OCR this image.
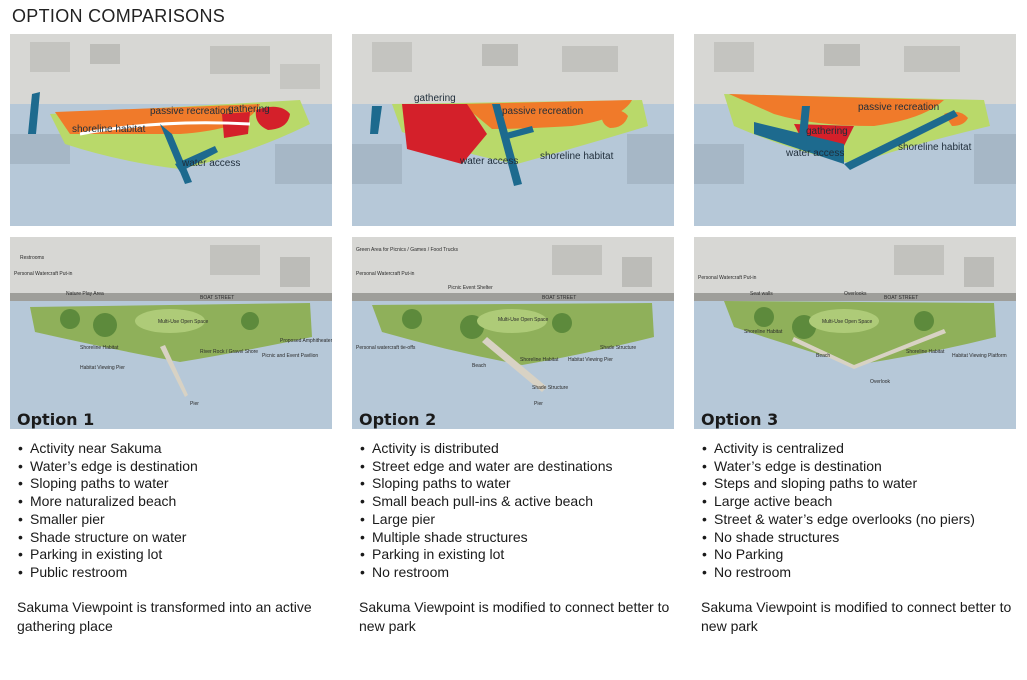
OPTION COMPARISONS
passive recreation
gathering
shoreline habitat
water access
Restrooms
Personal Watercraft Put-in
Nature Play Area
Multi-Use Open Space
Shoreline Habitat
Habitat Viewing Pier
River Rock / Gravel Shore
Picnic and Event Pavilion
Proposed Amphitheater
Pier
BOAT STREET
gathering
passive recreation
water access shoreline habitat
Green Area for Picnics / Games / Food Trucks
Personal Watercraft Put-in
Picnic Event Shelter
Multi-Use Open Space
Personal watercraft tie-offs
Beach
Shoreline Habitat Habitat Viewing Pier
Shade Structure
Shade Structure
Pier
BOAT STREET
passive recreation
gathering
water access
shoreline habitat
Personal Watercraft Put-in
Seat walls	Overlooks
Multi-Use Open Space
Shoreline Habitat
Beach
Shoreline Habitat
Habitat Viewing Platform
Overlook
BOAT STREET
Option 1
• Activity near Sakuma
• Water’s edge is destination
• Sloping paths to water
• More naturalized beach
• Smaller pier
• Shade structure on water
• Parking in existing lot
• Public restroom
Sakuma Viewpoint is transformed into an active gathering place
Option 2
• Activity is distributed
• Street edge and water are destinations
• Sloping paths to water
• Small beach pull-ins & active beach
• Large pier
• Multiple shade structures
• Parking in existing lot
• No restroom
Sakuma Viewpoint is modified to connect better to new park
Option 3
• Activity is centralized
• Water’s edge is destination
• Steps and sloping paths to water
• Large active beach
• Street & water’s edge overlooks (no piers)
• No shade structures
• No Parking
• No restroom
Sakuma Viewpoint is modified to connect better to new park
